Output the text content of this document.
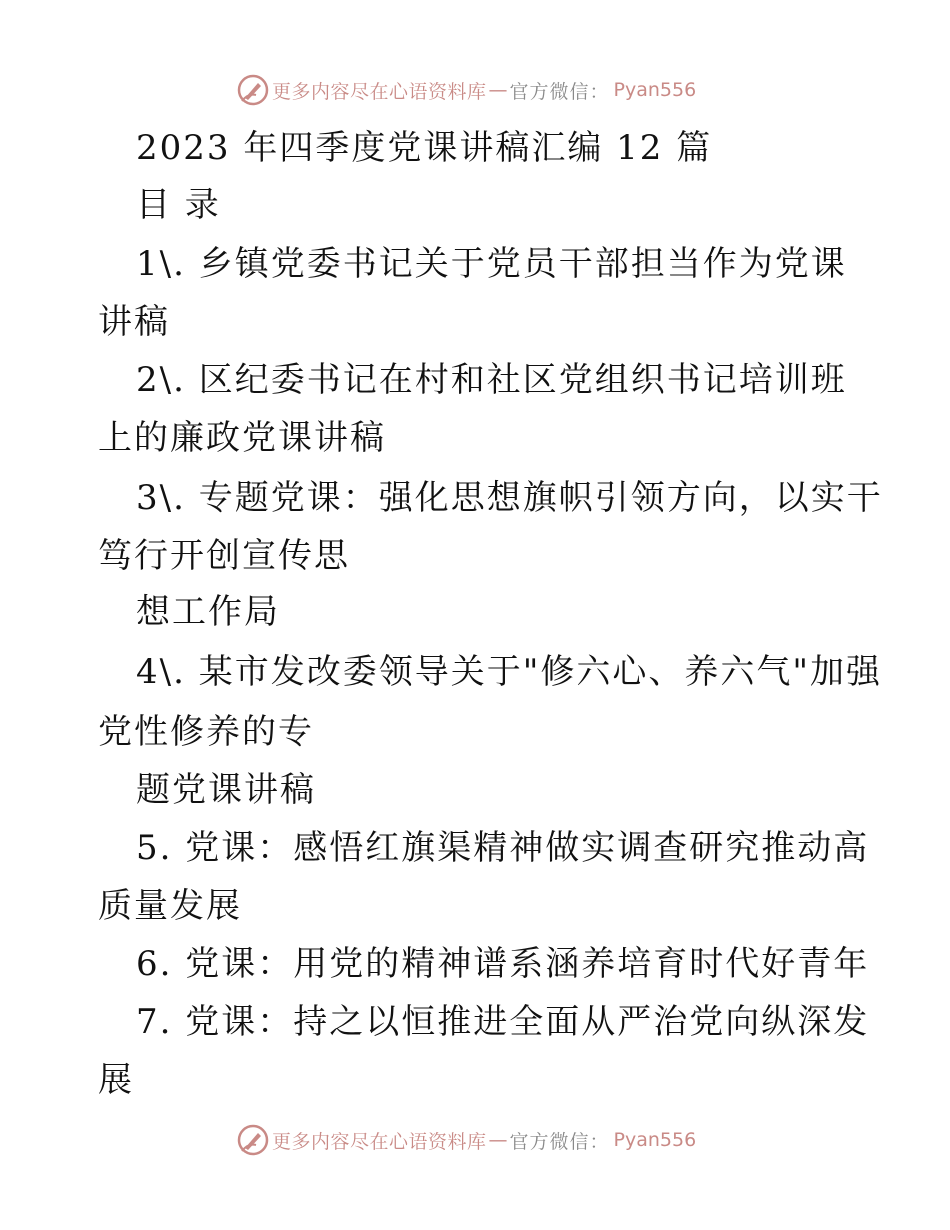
更多内容尽在心语资料库 — 官方微信： Pyan556
2023 年四季度党课讲稿汇编 12 篇
目 录
1\. 乡镇党委书记关于党员干部担当作为党课
讲稿
2\. 区纪委书记在村和社区党组织书记培训班
上的廉政党课讲稿
3\. 专题党课：强化思想旗帜引领方向，以实干
笃行开创宣传思
想工作局
4\. 某市发改委领导关于"修六心、养六气"加强
党性修养的专
题党课讲稿
5. 党课：感悟红旗渠精神做实调查研究推动高
质量发展
6. 党课：用党的精神谱系涵养培育时代好青年
7. 党课：持之以恒推进全面从严治党向纵深发
展
更多内容尽在心语资料库 — 官方微信： Pyan556
